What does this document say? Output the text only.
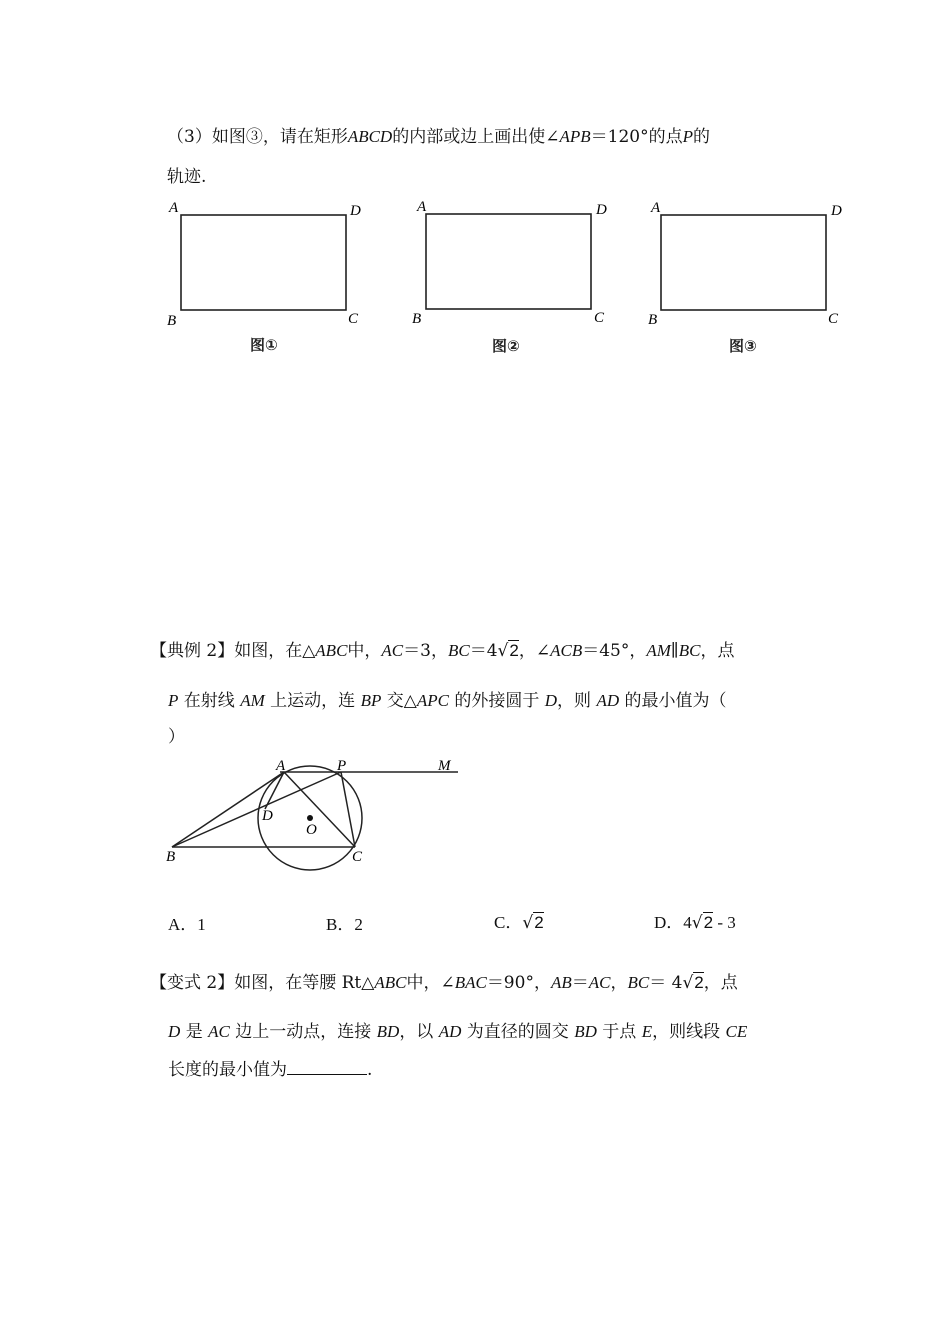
（3）如图③，请在矩形ABCD的内部或边上画出使∠APB＝120°的点P的
轨迹.
A	D
B	C
A	D
B	C
A	D
B	C
图①	图②	图③
【典例 2】如图，在△ABC中，AC＝3，BC＝4√2，∠ACB＝45°，AM∥BC，点
P 在射线 AM 上运动，连 BP 交△APC 的外接圆于 D，则 AD 的最小值为（
）
A	P	M
D
O
B	C
A．1	B．2	C．√2	D．4√2 - 3
【变式 2】如图，在等腰 Rt△ABC中，∠BAC＝90°，AB＝AC，BC＝ 4√2，点
D 是 AC 边上一动点，连接 BD，以 AD 为直径的圆交 BD 于点 E，则线段 CE
长度的最小值为	.
